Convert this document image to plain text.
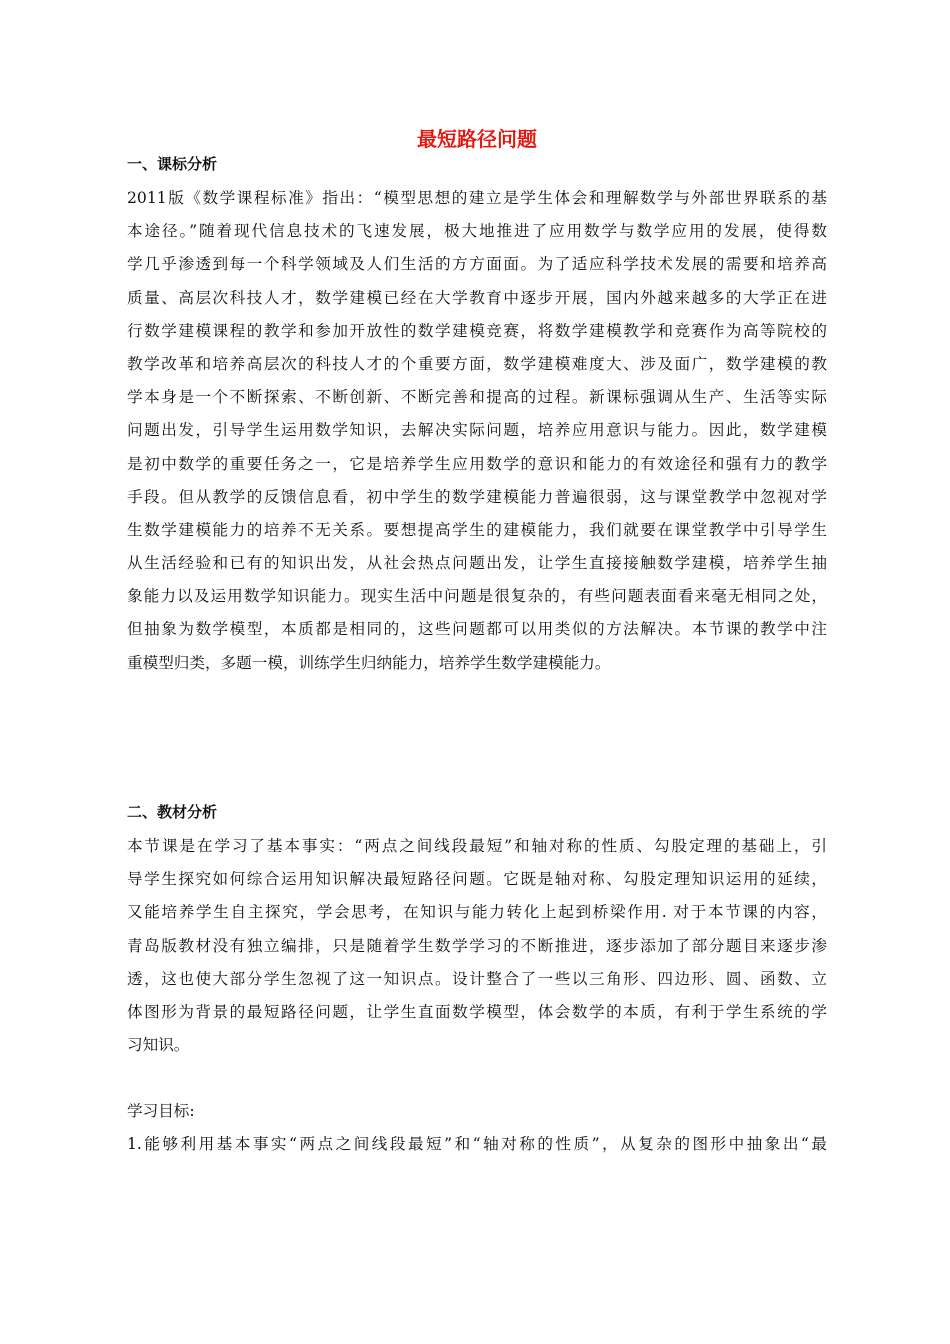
最短路径问题
一、课标分析
2011版《数学课程标准》指出：“模型思想的建立是学生体会和理解数学与外部世界联系的基
本途径。”随着现代信息技术的飞速发展，极大地推进了应用数学与数学应用的发展，使得数
学几乎渗透到每一个科学领域及人们生活的方方面面。为了适应科学技术发展的需要和培养高
质量、高层次科技人才，数学建模已经在大学教育中逐步开展，国内外越来越多的大学正在进
行数学建模课程的教学和参加开放性的数学建模竞赛，将数学建模教学和竞赛作为高等院校的
教学改革和培养高层次的科技人才的个重要方面，数学建模难度大、涉及面广，数学建模的教
学本身是一个不断探索、不断创新、不断完善和提高的过程。新课标强调从生产、生活等实际
问题出发，引导学生运用数学知识，去解决实际问题，培养应用意识与能力。因此，数学建模
是初中数学的重要任务之一，它是培养学生应用数学的意识和能力的有效途径和强有力的教学
手段。但从教学的反馈信息看，初中学生的数学建模能力普遍很弱，这与课堂教学中忽视对学
生数学建模能力的培养不无关系。要想提高学生的建模能力，我们就要在课堂教学中引导学生
从生活经验和已有的知识出发，从社会热点问题出发，让学生直接接触数学建模，培养学生抽
象能力以及运用数学知识能力。现实生活中问题是很复杂的，有些问题表面看来毫无相同之处，
但抽象为数学模型，本质都是相同的，这些问题都可以用类似的方法解决。本节课的教学中注
重模型归类，多题一模，训练学生归纳能力，培养学生数学建模能力。
二、教材分析
本节课是在学习了基本事实：“两点之间线段最短”和轴对称的性质、勾股定理的基础上，引
导学生探究如何综合运用知识解决最短路径问题。它既是轴对称、勾股定理知识运用的延续，
又能培养学生自主探究，学会思考，在知识与能力转化上起到桥梁作用. 对于本节课的内容，
青岛版教材没有独立编排，只是随着学生数学学习的不断推进，逐步添加了部分题目来逐步渗
透，这也使大部分学生忽视了这一知识点。设计整合了一些以三角形、四边形、圆、函数、立
体图形为背景的最短路径问题，让学生直面数学模型，体会数学的本质，有利于学生系统的学
习知识。
学习目标:
1.能够利用基本事实“两点之间线段最短”和“轴对称的性质”，从复杂的图形中抽象出“最
